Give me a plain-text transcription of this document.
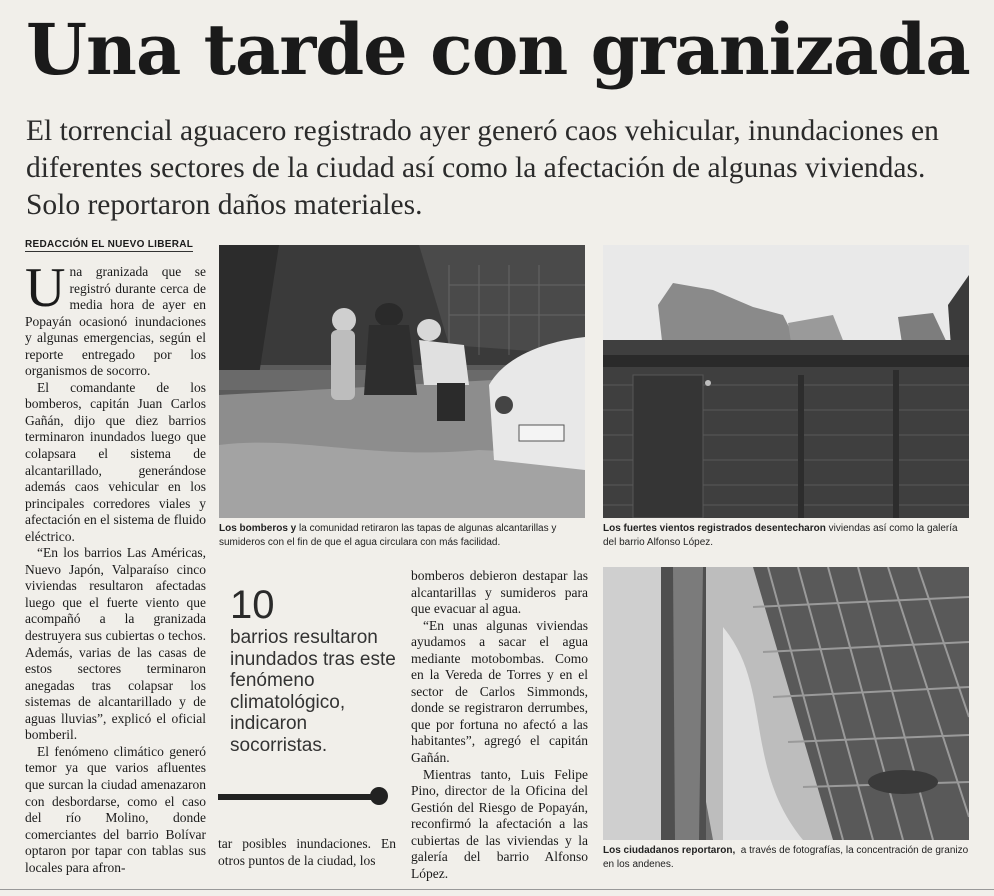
Una tarde con granizada
El torrencial aguacero registrado ayer generó caos vehicular, inundaciones en diferentes sectores de la ciudad así como la afectación de algunas viviendas. Solo reportaron daños materiales.
REDACCIÓN EL NUEVO LIBERAL

Una granizada que se registró durante cerca de media hora de ayer en Popayán ocasionó inundaciones y algunas emergencias, según el reporte entregado por los organismos de socorro.

El comandante de los bomberos, capitán Juan Carlos Gañán, dijo que diez barrios terminaron inundados luego que colapsara el sistema de alcantarillado, generándose además caos vehicular en los principales corredores viales y afectación en el sistema de fluido eléctrico.

“En los barrios Las Américas, Nuevo Japón, Valparaíso cinco viviendas resultaron afectadas luego que el fuerte viento que acompañó a la granizada destruyera sus cubiertas o techos. Además, varias de las casas de estos sectores terminaron anegadas tras colapsar los sistemas de alcantarillado y de aguas lluvias”, explicó el oficial bomberil.

El fenómeno climático generó temor ya que varios afluentes que surcan la ciudad amenazaron con desbordarse, como el caso del río Molino, donde comerciantes del barrio Bolívar optaron por tapar con tablas sus locales para afron-

Los bomberos y la comunidad retiraron las tapas de algunas alcantarillas y sumideros con el fin de que el agua circulara con más facilidad.
Los fuertes vientos registrados desentecharon viviendas así como la galería del barrio Alfonso López.
Los ciudadanos reportaron,  a través de fotografías, la concentración de granizo en los andenes.
10
barrios resultaron inundados tras este fenómeno climatológico, indicaron socorristas.

tar posibles inundaciones. En otros puntos de la ciudad, los

bomberos debieron destapar las alcantarillas y sumideros para que evacuar al agua.

“En unas algunas viviendas ayudamos a sacar el agua mediante motobombas. Como en la Vereda de Torres y en el sector de Carlos Simmonds, donde se registraron derrumbes, que por fortuna no afectó a las habitantes”, agregó el capitán Gañán.

Mientras tanto, Luis Felipe Pino, director de la Oficina del Gestión del Riesgo de Popayán, reconfirmó la afectación a las cubiertas de las viviendas y la galería del barrio Alfonso López.
